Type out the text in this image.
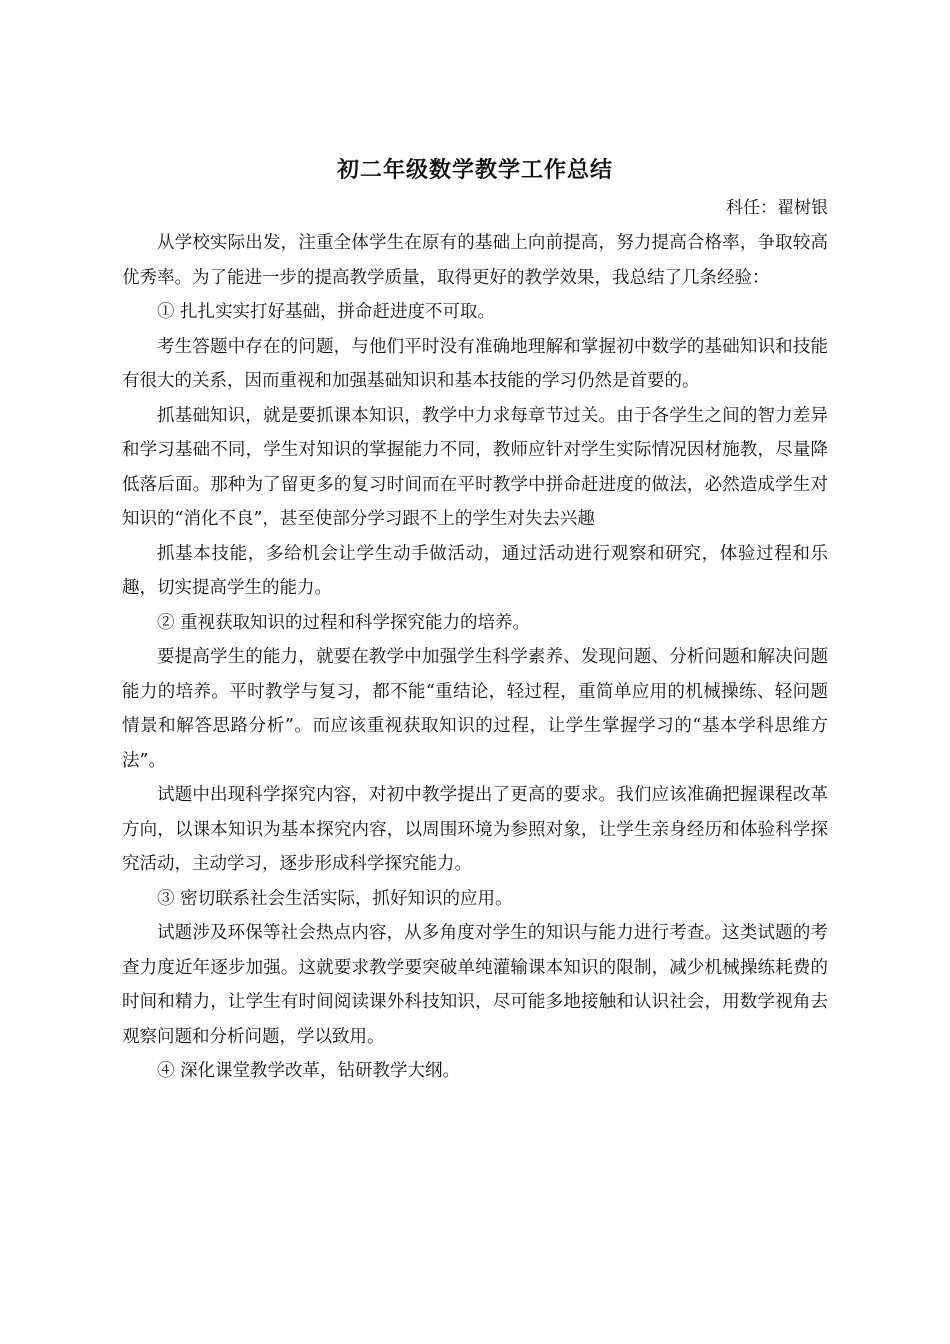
初二年级数学教学工作总结
科任：翟树银

从学校实际出发，注重全体学生在原有的基础上向前提高，努力提高合格率，争取较高优秀率。为了能进一步的提高教学质量，取得更好的教学效果，我总结了几条经验：

① 扎扎实实打好基础，拼命赶进度不可取。

考生答题中存在的问题，与他们平时没有准确地理解和掌握初中数学的基础知识和技能有很大的关系，因而重视和加强基础知识和基本技能的学习仍然是首要的。

抓基础知识，就是要抓课本知识，教学中力求每章节过关。由于各学生之间的智力差异和学习基础不同，学生对知识的掌握能力不同，教师应针对学生实际情况因材施教，尽量降低落后面。那种为了留更多的复习时间而在平时教学中拼命赶进度的做法，必然造成学生对知识的“消化不良”，甚至使部分学习跟不上的学生对失去兴趣

抓基本技能，多给机会让学生动手做活动，通过活动进行观察和研究，体验过程和乐趣，切实提高学生的能力。

② 重视获取知识的过程和科学探究能力的培养。

要提高学生的能力，就要在教学中加强学生科学素养、发现问题、分析问题和解决问题能力的培养。平时教学与复习，都不能“重结论，轻过程，重简单应用的机械操练、轻问题情景和解答思路分析”。而应该重视获取知识的过程，让学生掌握学习的“基本学科思维方法”。

试题中出现科学探究内容，对初中教学提出了更高的要求。我们应该准确把握课程改革方向，以课本知识为基本探究内容，以周围环境为参照对象，让学生亲身经历和体验科学探究活动，主动学习，逐步形成科学探究能力。

③ 密切联系社会生活实际，抓好知识的应用。

试题涉及环保等社会热点内容，从多角度对学生的知识与能力进行考查。这类试题的考查力度近年逐步加强。这就要求教学要突破单纯灌输课本知识的限制，减少机械操练耗费的时间和精力，让学生有时间阅读课外科技知识，尽可能多地接触和认识社会，用数学视角去观察问题和分析问题，学以致用。

④ 深化课堂教学改革，钻研教学大纲。
